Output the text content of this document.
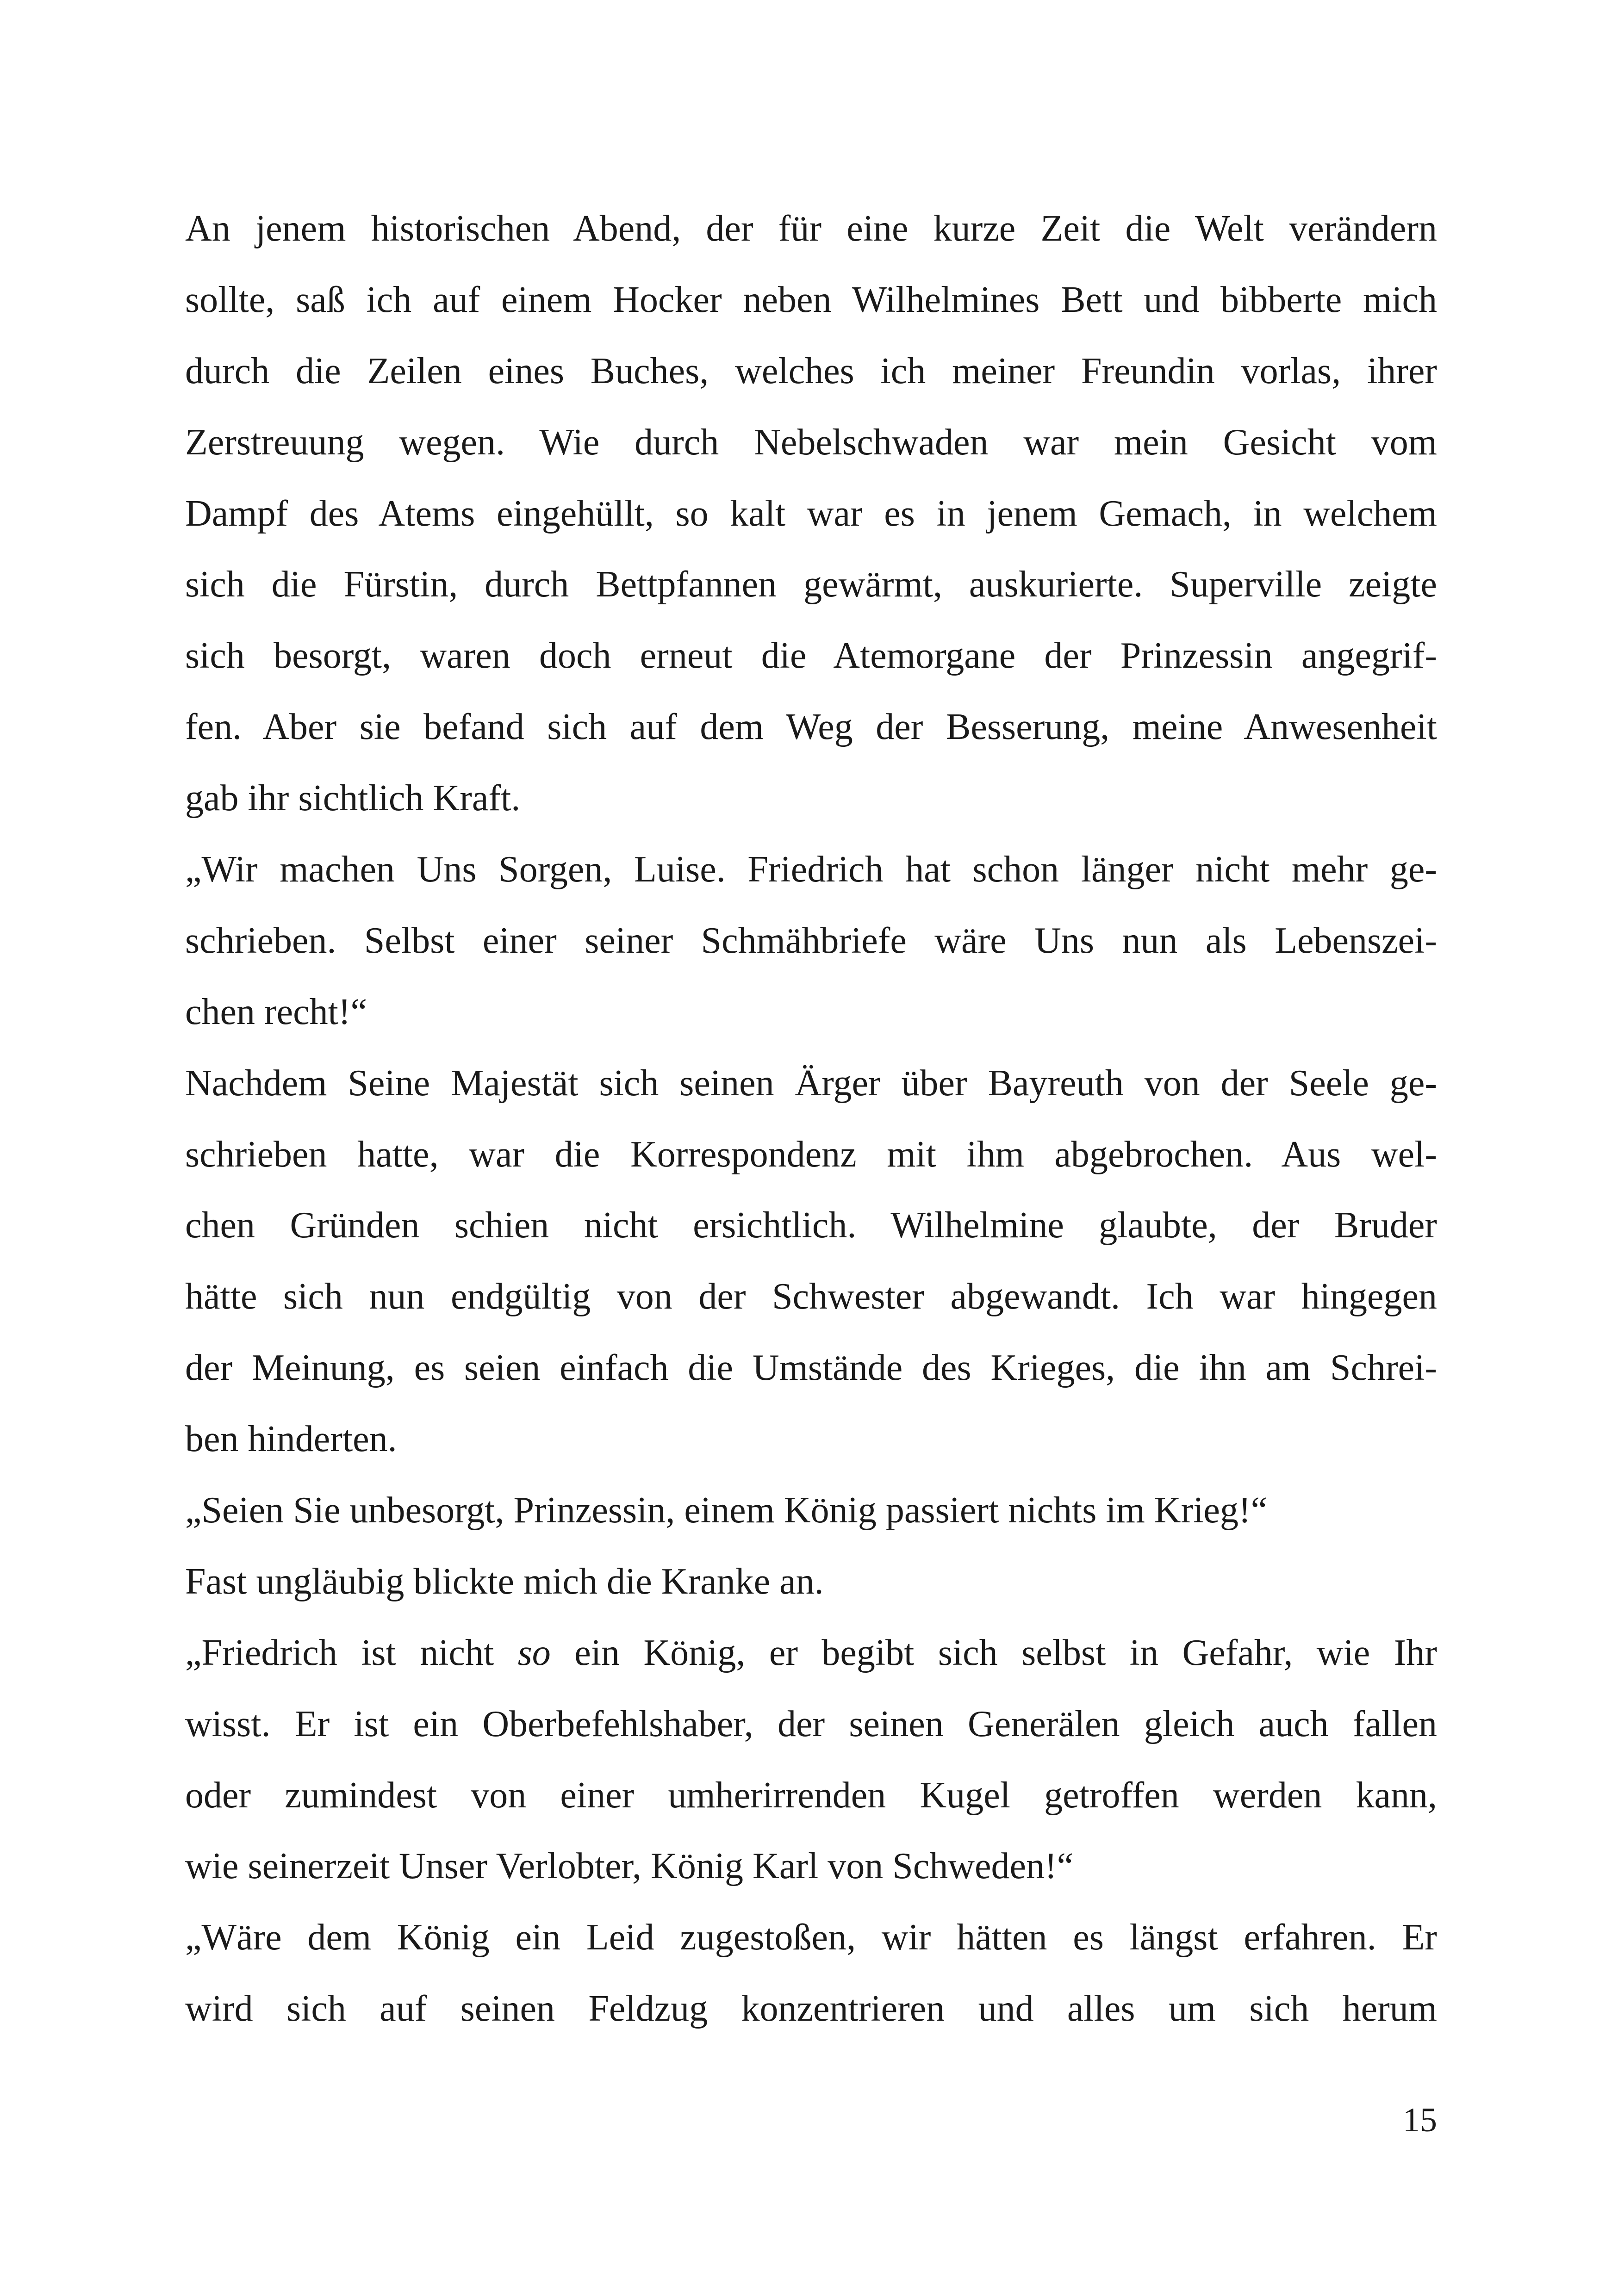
An jenem historischen Abend, der für eine kurze Zeit die Welt verändern
sollte, saß ich auf einem Hocker neben Wilhelmines Bett und bibberte mich
durch die Zeilen eines Buches, welches ich meiner Freundin vorlas, ihrer
Zerstreuung wegen. Wie durch Nebelschwaden war mein Gesicht vom
Dampf des Atems eingehüllt, so kalt war es in jenem Gemach, in welchem
sich die Fürstin, durch Bettpfannen gewärmt, auskurierte. Superville zeigte
sich besorgt, waren doch erneut die Atemorgane der Prinzessin angegrif-
fen. Aber sie befand sich auf dem Weg der Besserung, meine Anwesenheit
gab ihr sichtlich Kraft.
„Wir machen Uns Sorgen, Luise. Friedrich hat schon länger nicht mehr ge-
schrieben. Selbst einer seiner Schmähbriefe wäre Uns nun als Lebenszei-
chen recht!“
Nachdem Seine Majestät sich seinen Ärger über Bayreuth von der Seele ge-
schrieben hatte, war die Korrespondenz mit ihm abgebrochen. Aus wel-
chen Gründen schien nicht ersichtlich. Wilhelmine glaubte, der Bruder
hätte sich nun endgültig von der Schwester abgewandt. Ich war hingegen
der Meinung, es seien einfach die Umstände des Krieges, die ihn am Schrei-
ben hinderten.
„Seien Sie unbesorgt, Prinzessin, einem König passiert nichts im Krieg!“
Fast ungläubig blickte mich die Kranke an.
„Friedrich ist nicht so ein König, er begibt sich selbst in Gefahr, wie Ihr
wisst. Er ist ein Oberbefehlshaber, der seinen Generälen gleich auch fallen
oder zumindest von einer umherirrenden Kugel getroffen werden kann,
wie seinerzeit Unser Verlobter, König Karl von Schweden!“
„Wäre dem König ein Leid zugestoßen, wir hätten es längst erfahren. Er
wird sich auf seinen Feldzug konzentrieren und alles um sich herum
15
